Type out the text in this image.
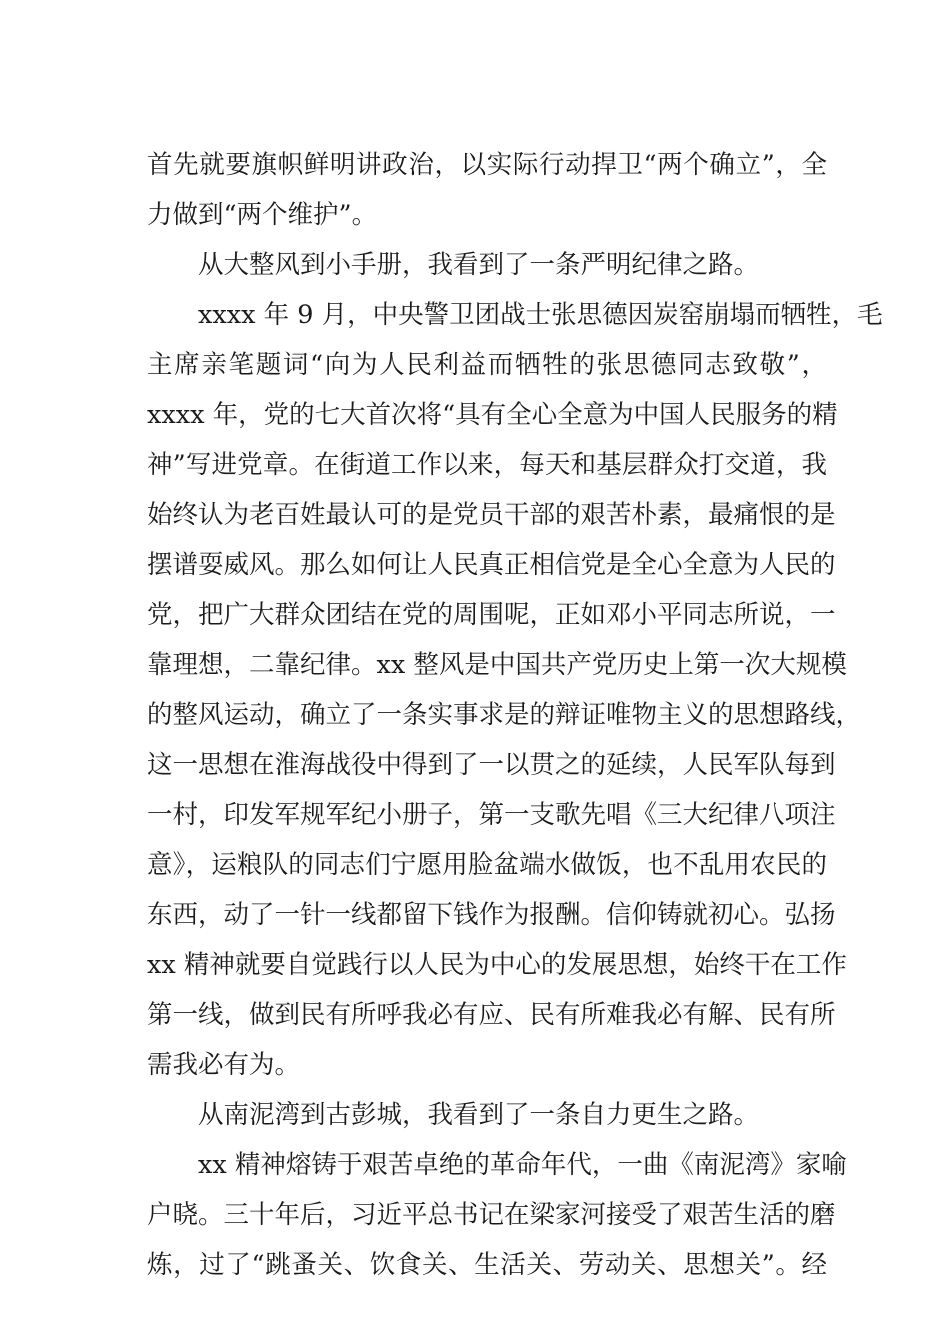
首先就要旗帜鲜明讲政治，以实际行动捍卫“两个确立”，全
力做到“两个维护”。
从大整风到小手册，我看到了一条严明纪律之路。
xxxx 年 9 月，中央警卫团战士张思德因炭窑崩塌而牺牲，毛
主席亲笔题词“向为人民利益而牺牲的张思德同志致敬”，
xxxx 年，党的七大首次将“具有全心全意为中国人民服务的精
神”写进党章。在街道工作以来，每天和基层群众打交道，我
始终认为老百姓最认可的是党员干部的艰苦朴素，最痛恨的是
摆谱耍威风。那么如何让人民真正相信党是全心全意为人民的
党，把广大群众团结在党的周围呢，正如邓小平同志所说，一
靠理想，二靠纪律。xx 整风是中国共产党历史上第一次大规模
的整风运动，确立了一条实事求是的辩证唯物主义的思想路线，
这一思想在淮海战役中得到了一以贯之的延续，人民军队每到
一村，印发军规军纪小册子，第一支歌先唱《三大纪律八项注
意》，运粮队的同志们宁愿用脸盆端水做饭，也不乱用农民的
东西，动了一针一线都留下钱作为报酬。信仰铸就初心。弘扬
xx 精神就要自觉践行以人民为中心的发展思想，始终干在工作
第一线，做到民有所呼我必有应、民有所难我必有解、民有所
需我必有为。
从南泥湾到古彭城，我看到了一条自力更生之路。
xx 精神熔铸于艰苦卓绝的革命年代，一曲《南泥湾》家喻
户晓。三十年后，习近平总书记在梁家河接受了艰苦生活的磨
炼，过了“跳蚤关、饮食关、生活关、劳动关、思想关”。经
